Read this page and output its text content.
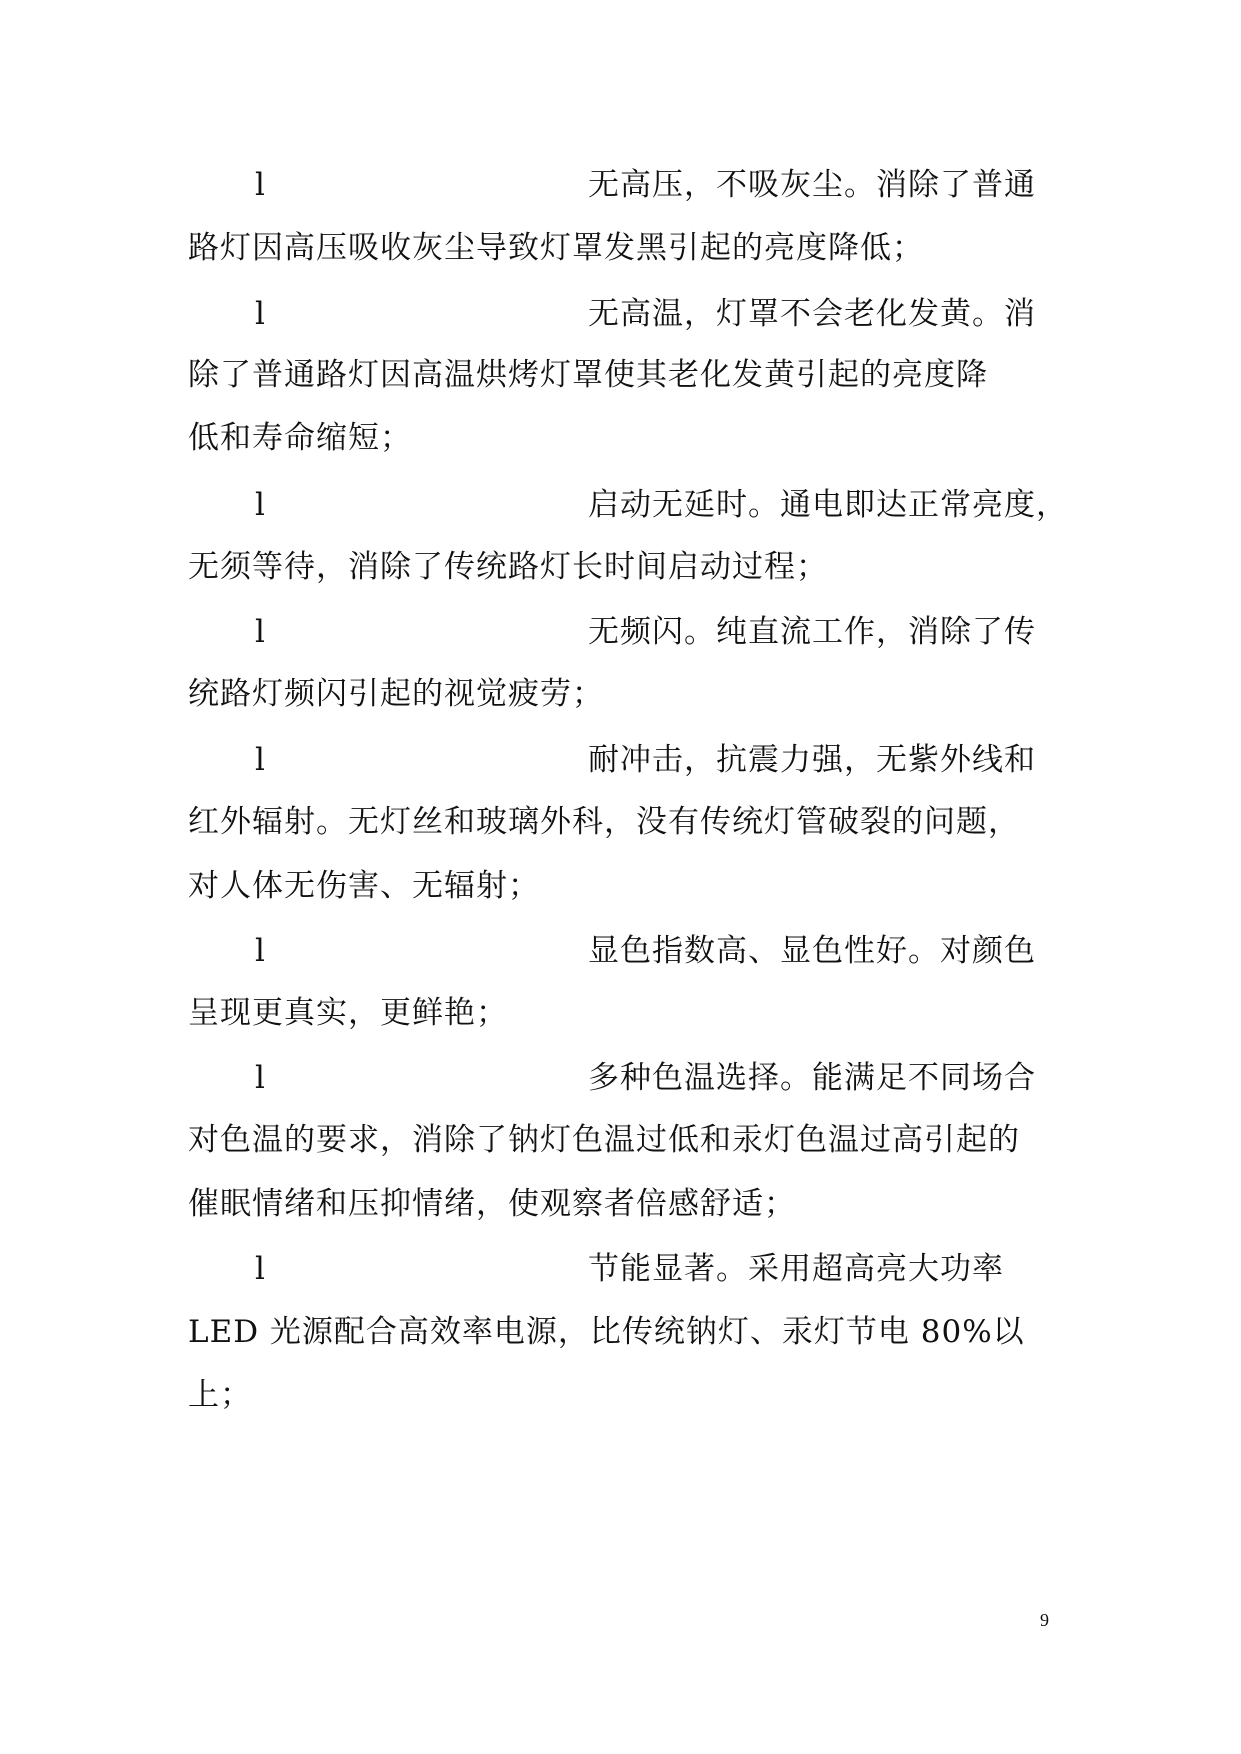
l	无高压，不吸灰尘。消除了普通
路灯因高压吸收灰尘导致灯罩发黑引起的亮度降低；
l	无高温，灯罩不会老化发黄。消
除了普通路灯因高温烘烤灯罩使其老化发黄引起的亮度降
低和寿命缩短；
l	启动无延时。通电即达正常亮度，
无须等待，消除了传统路灯长时间启动过程；
l	无频闪。纯直流工作，消除了传
统路灯频闪引起的视觉疲劳；
l	耐冲击，抗震力强，无紫外线和
红外辐射。无灯丝和玻璃外科，没有传统灯管破裂的问题，
对人体无伤害、无辐射；
l	显色指数高、显色性好。对颜色
呈现更真实，更鲜艳；
l	多种色温选择。能满足不同场合
对色温的要求，消除了钠灯色温过低和汞灯色温过高引起的
催眠情绪和压抑情绪，使观察者倍感舒适；
l	节能显著。采用超高亮大功率
LED 光源配合高效率电源，比传统钠灯、汞灯节电 80%以
上；
9
